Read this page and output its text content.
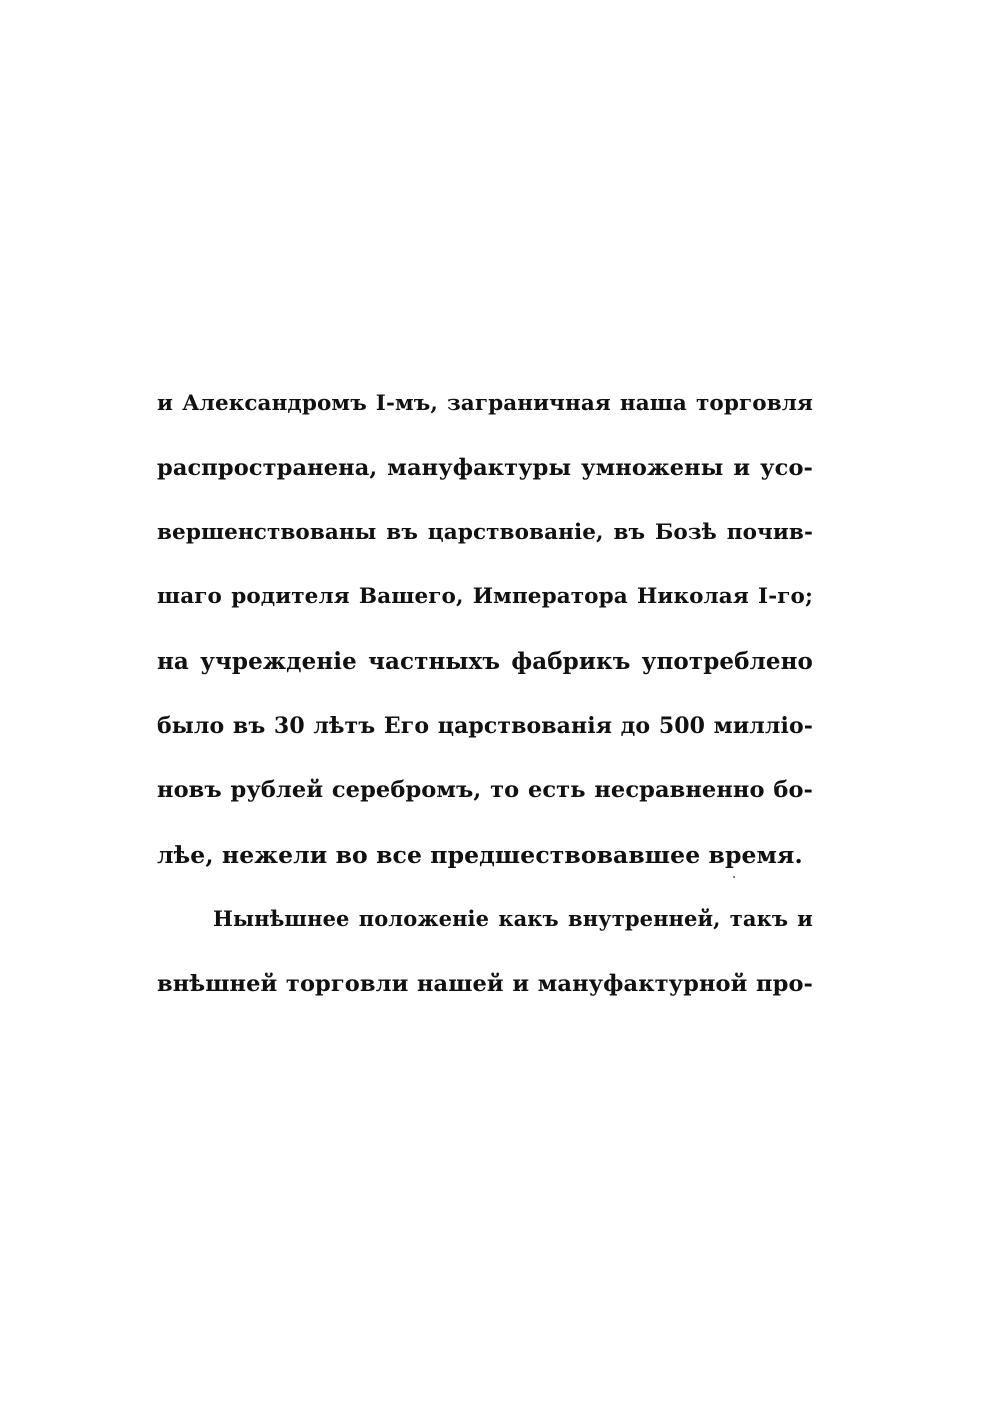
и Александромъ I-мъ, заграничная наша торговля
распространена, мануфактуры умножены и усо-
вершенствованы въ царствованіе, въ Бозѣ почив-
шаго родителя Вашего, Императора Николая I-го;
на учрежденіе частныхъ фабрикъ употреблено
было въ 30 лѣтъ Его царствованія до 500 милліо-
новъ рублей серебромъ, то есть несравненно бо-
лѣе, нежели во все предшествовавшее время.
Нынѣшнее положеніе какъ внутренней, такъ и
внѣшней торговли нашей и мануфактурной про-
